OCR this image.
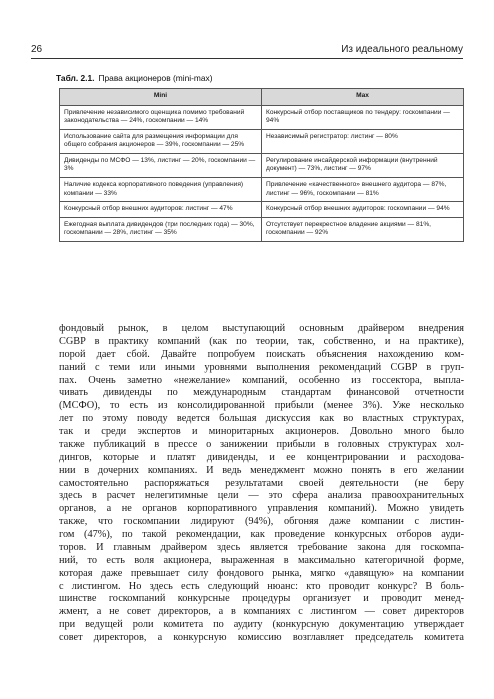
26	Из идеального реальному
Табл. 2.1. Права акционеров (mini-max)
Mini	Max
Привлечение независимого оценщика помимо требований законодательства — 24%, госкомпании — 14%	Конкурсный отбор поставщиков по тендеру: госкомпании — 94%
Использование сайта для размещения информации для общего собрания акционеров — 39%, госкомпании — 25%	Независимый регистратор: листинг — 80%
Дивиденды по МСФО — 13%, листинг — 20%, госкомпании — 3%	Регулирование инсайдерской информации (внутренний документ) — 73%, листинг — 97%
Наличие кодекса корпоративного поведения (управления) компании — 33%	Привлечение «качественного» внешнего аудитора — 87%, листинг — 96%, госкомпании — 81%
Конкурсный отбор внешних аудиторов: листинг — 47%	Конкурсный отбор внешних аудиторов: госкомпании — 94%
Ежегодная выплата дивидендов (три последних года) — 30%, госкомпании — 28%, листинг — 35%	Отсутствует перекрестное владение акциями — 81%, госкомпании — 92%
фондовый рынок, в целом выступающий основным драйвером внедрения
CGBP в практику компаний (как по теории, так, собственно, и на практике),
порой дает сбой. Давайте попробуем поискать объяснения нахождению ком-
паний с теми или иными уровнями выполнения рекомендаций CGBP в груп-
пах. Очень заметно «нежелание» компаний, особенно из госсектора, выпла-
чивать дивиденды по международным стандартам финансовой отчетности
(МСФО), то есть из консолидированной прибыли (менее 3%). Уже несколько
лет по этому поводу ведется большая дискуссия как во властных структурах,
так и среди экспертов и миноритарных акционеров. Довольно много было
также публикаций в прессе о занижении прибыли в головных структурах хол-
дингов, которые и платят дивиденды, и ее концентрировании и расходова-
нии в дочерних компаниях. И ведь менеджмент можно понять в его желании
самостоятельно распоряжаться результатами своей деятельности (не беру
здесь в расчет нелегитимные цели — это сфера анализа правоохранительных
органов, а не органов корпоративного управления компаний). Можно увидеть
также, что госкомпании лидируют (94%), обгоняя даже компании с листин-
гом (47%), по такой рекомендации, как проведение конкурсных отборов ауди-
торов. И главным драйвером здесь является требование закона для госкомпа-
ний, то есть воля акционера, выраженная в максимально категоричной форме,
которая даже превышает силу фондового рынка, мягко «давящую» на компании
с листингом. Но здесь есть следующий нюанс: кто проводит конкурс? В боль-
шинстве госкомпаний конкурсные процедуры организует и проводит менед-
жмент, а не совет директоров, а в компаниях с листингом — совет директоров
при ведущей роли комитета по аудиту (конкурсную документацию утверждает
совет директоров, а конкурсную комиссию возглавляет председатель комитета
